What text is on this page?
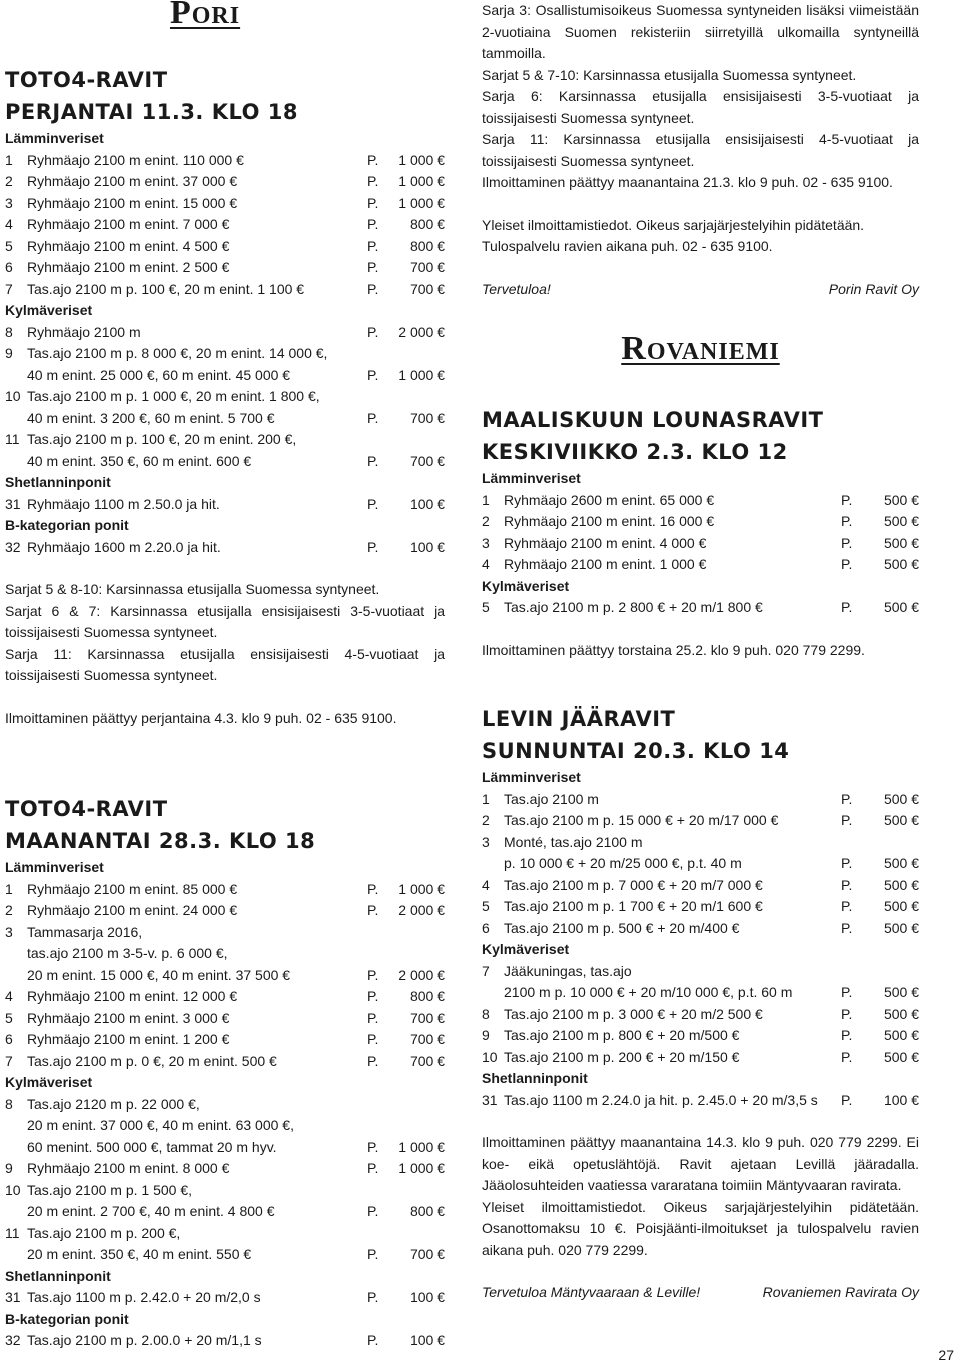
Pori
TOTO4-RAVIT
PERJANTAI 11.3. KLO 18
Lämminveriset
1	Ryhmäajo 2100 m enint. 110 000 €	P.	1 000 €
2	Ryhmäajo 2100 m enint. 37 000 €	P.	1 000 €
3	Ryhmäajo 2100 m enint. 15 000 €	P.	1 000 €
4	Ryhmäajo 2100 m enint. 7 000 €	P.	800 €
5	Ryhmäajo 2100 m enint. 4 500 €	P.	800 €
6	Ryhmäajo 2100 m enint. 2 500 €	P.	700 €
7	Tas.ajo 2100 m p. 100 €, 20 m enint. 1 100 €	P.	700 €
Kylmäveriset
8	Ryhmäajo 2100 m	P.	2 000 €
9	Tas.ajo 2100 m p. 8 000 €, 20 m enint. 14 000 €,
40 m enint. 25 000 €, 60 m enint. 45 000 €	P.	1 000 €
10 Tas.ajo 2100 m p. 1 000 €, 20 m enint. 1 800 €,
40 m enint. 3 200 €, 60 m enint. 5 700 €	P.	700 €
11 Tas.ajo 2100 m p. 100 €, 20 m enint. 200 €,
40 m enint. 350 €, 60 m enint. 600 €	P.	700 €
Shetlanninponit
31 Ryhmäajo 1100 m 2.50.0 ja hit.	P.	100 €
B-kategorian ponit
32 Ryhmäajo 1600 m 2.20.0 ja hit.	P.	100 €
Sarjat 5 & 8-10: Karsinnassa etusijalla Suomessa syntyneet.
Sarjat 6 & 7: Karsinnassa etusijalla ensisijaisesti 3-5-vuotiaat ja toissijaisesti Suomessa syntyneet.
Sarja 11: Karsinnassa etusijalla ensisijaisesti 4-5-vuotiaat ja toissijaisesti Suomessa syntyneet.
Ilmoittaminen päättyy perjantaina 4.3. klo 9 puh. 02 - 635 9100.
TOTO4-RAVIT
MAANANTAI 28.3. KLO 18
Lämminveriset
1	Ryhmäajo 2100 m enint. 85 000 €	P.	1 000 €
2	Ryhmäajo 2100 m enint. 24 000 €	P.	2 000 €
3	Tammasarja 2016,
tas.ajo 2100 m 3-5-v. p. 6 000 €,
20 m enint. 15 000 €, 40 m enint. 37 500 €	P.	2 000 €
4	Ryhmäajo 2100 m enint. 12 000 €	P.	800 €
5	Ryhmäajo 2100 m enint. 3 000 €	P.	700 €
6	Ryhmäajo 2100 m enint. 1 200 €	P.	700 €
7	Tas.ajo 2100 m p. 0 €, 20 m enint. 500 €	P.	700 €
Kylmäveriset
8	Tas.ajo 2120 m p. 22 000 €,
20 m enint. 37 000 €, 40 m enint. 63 000 €,
60 menint. 500 000 €, tammat 20 m hyv.	P.	1 000 €
9	Ryhmäajo 2100 m enint. 8 000 €	P.	1 000 €
10 Tas.ajo 2100 m p. 1 500 €,
20 m enint. 2 700 €, 40 m enint. 4 800 €	P.	800 €
11 Tas.ajo 2100 m p. 200 €,
20 m enint. 350 €, 40 m enint. 550 €	P.	700 €
Shetlanninponit
31 Tas.ajo 1100 m p. 2.42.0 + 20 m/2,0 s	P.	100 €
B-kategorian ponit
32 Tas.ajo 2100 m p. 2.00.0 + 20 m/1,1 s	P.	100 €
Sarja 3: Osallistumisoikeus Suomessa syntyneiden lisäksi viimeistään 2-vuotiaina Suomen rekisteriin siirretyillä ulkomailla syntyneillä tammoilla.
Sarjat 5 & 7-10: Karsinnassa etusijalla Suomessa syntyneet.
Sarja 6: Karsinnassa etusijalla ensisijaisesti 3-5-vuotiaat ja toissijaisesti Suomessa syntyneet.
Sarja 11: Karsinnassa etusijalla ensisijaisesti 4-5-vuotiaat ja toissijaisesti Suomessa syntyneet.
Ilmoittaminen päättyy maanantaina 21.3. klo 9 puh. 02 - 635 9100.
Yleiset ilmoittamistiedot. Oikeus sarjajärjestelyihin pidätetään.
Tulospalvelu ravien aikana puh. 02 - 635 9100.
Tervetuloa!	Porin Ravit Oy
Rovaniemi
MAALISKUUN LOUNASRAVIT
KESKIVIIKKO 2.3. KLO 12
Lämminveriset
1	Ryhmäajo 2600 m enint. 65 000 €	P.	500 €
2	Ryhmäajo 2100 m enint. 16 000 €	P.	500 €
3	Ryhmäajo 2100 m enint. 4 000 €	P.	500 €
4	Ryhmäajo 2100 m enint. 1 000 €	P.	500 €
Kylmäveriset
5	Tas.ajo 2100 m p. 2 800 € + 20 m/1 800 €	P.	500 €
Ilmoittaminen päättyy torstaina 25.2. klo 9 puh. 020 779 2299.
LEVIN JÄÄRAVIT
SUNNUNTAI 20.3. KLO 14
Lämminveriset
1	Tas.ajo 2100 m	P.	500 €
2	Tas.ajo 2100 m p. 15 000 € + 20 m/17 000 €	P.	500 €
3	Monté, tas.ajo 2100 m
p. 10 000 € + 20 m/25 000 €, p.t. 40 m	P.	500 €
4	Tas.ajo 2100 m p. 7 000 € + 20 m/7 000 €	P.	500 €
5	Tas.ajo 2100 m p. 1 700 € + 20 m/1 600 €	P.	500 €
6	Tas.ajo 2100 m p. 500 € + 20 m/400 €	P.	500 €
Kylmäveriset
7	Jääkuningas, tas.ajo
2100 m p. 10 000 € + 20 m/10 000 €, p.t. 60 m	P.	500 €
8	Tas.ajo 2100 m p. 3 000 € + 20 m/2 500 €	P.	500 €
9	Tas.ajo 2100 m p. 800 € + 20 m/500 €	P.	500 €
10 Tas.ajo 2100 m p. 200 € + 20 m/150 €	P.	500 €
Shetlanninponit
31 Tas.ajo 1100 m 2.24.0 ja hit. p. 2.45.0 + 20 m/3,5 s	P.	100 €
Ilmoittaminen päättyy maanantaina 14.3. klo 9 puh. 020 779 2299. Ei koe- eikä opetuslähtöjä. Ravit ajetaan Levillä jääradalla. Jääolosuhteiden vaatiessa vararatana toimiin Mäntyvaaran ravirata.
Yleiset ilmoittamistiedot. Oikeus sarjajärjestelyihin pidätetään. Osanottomaksu 10 €. Poisjäänti-ilmoitukset ja tulospalvelu ravien aikana puh. 020 779 2299.
Tervetuloa Mäntyvaaraan & Leville!	Rovaniemen Ravirata Oy
27
